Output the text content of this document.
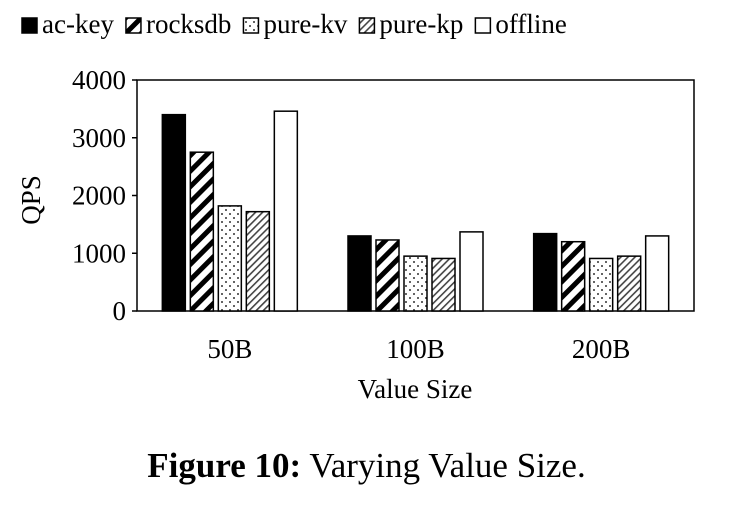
ac-key rocksdb pure-kv pure-kp offline
0
1000
2000
3000
4000
50B	100B	200B
QPS
Value Size
Figure 10: Varying Value Size.
